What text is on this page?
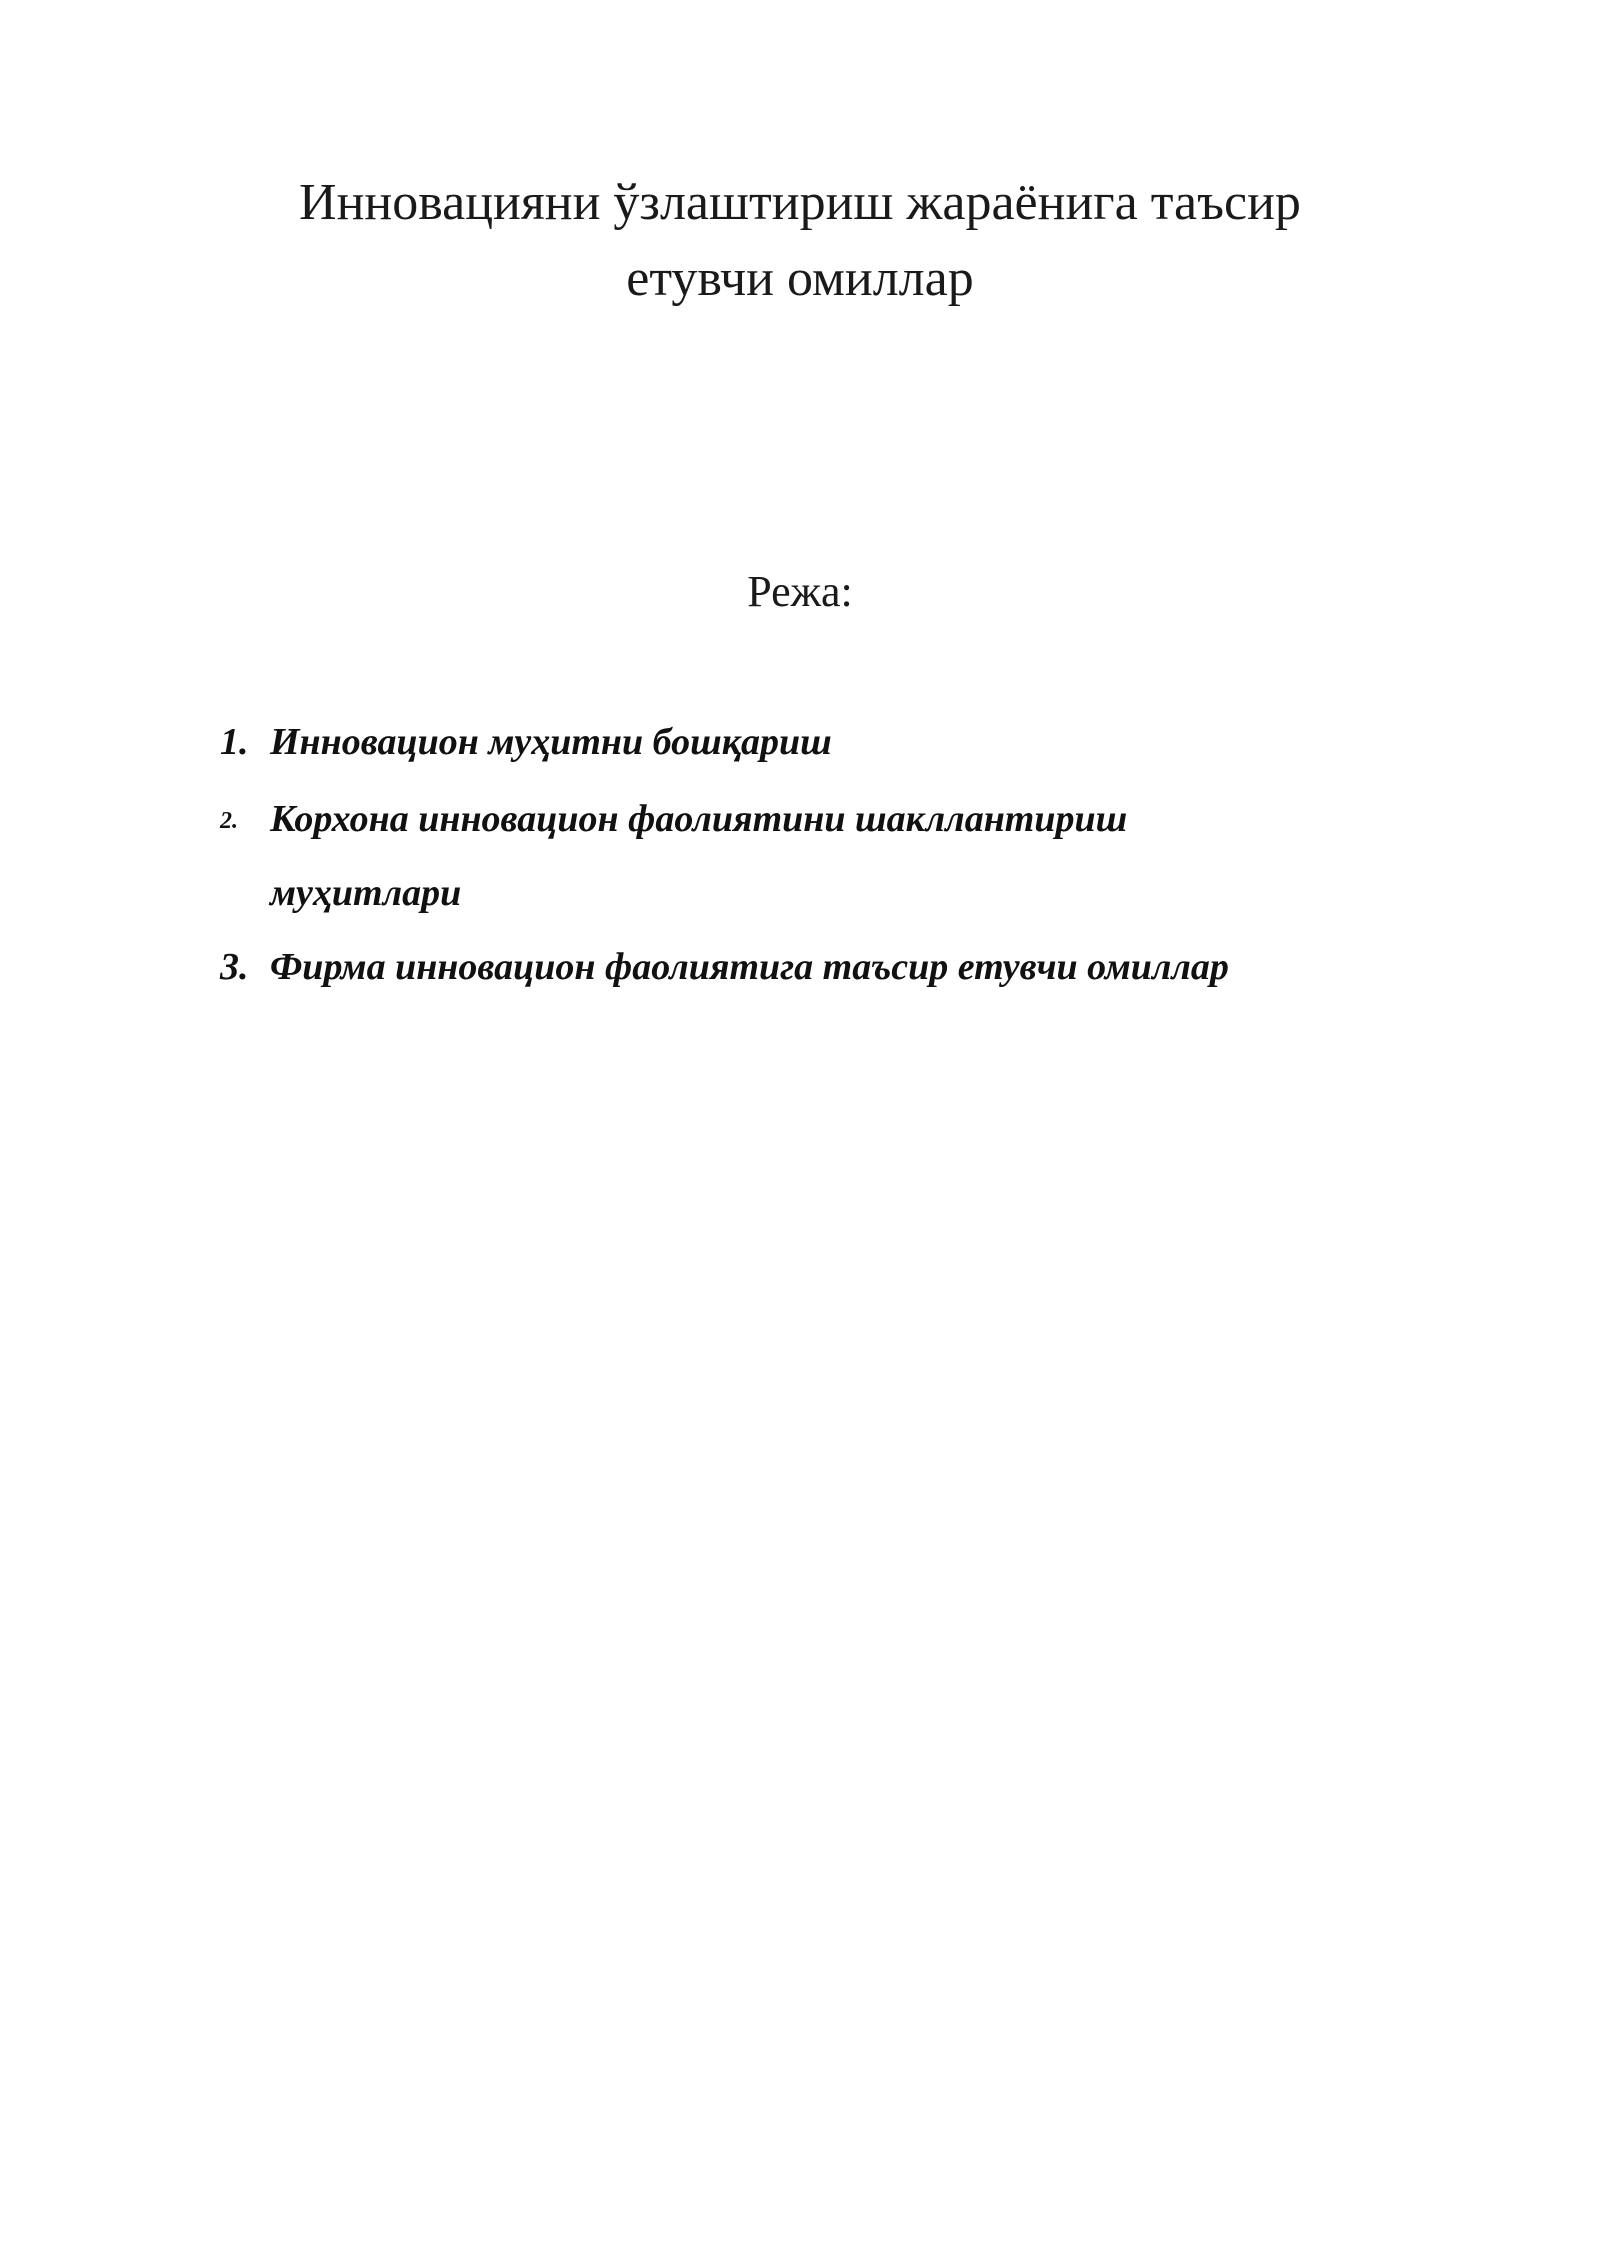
Инновацияни ўзлаштириш жараёнига таъсир
етувчи омиллар
Режа:
1. Инновацион муҳитни бошқариш
2. Корхона инновацион фаолиятини шакллантириш муҳитлари
3. Фирма инновацион фаолиятига таъсир етувчи омиллар
